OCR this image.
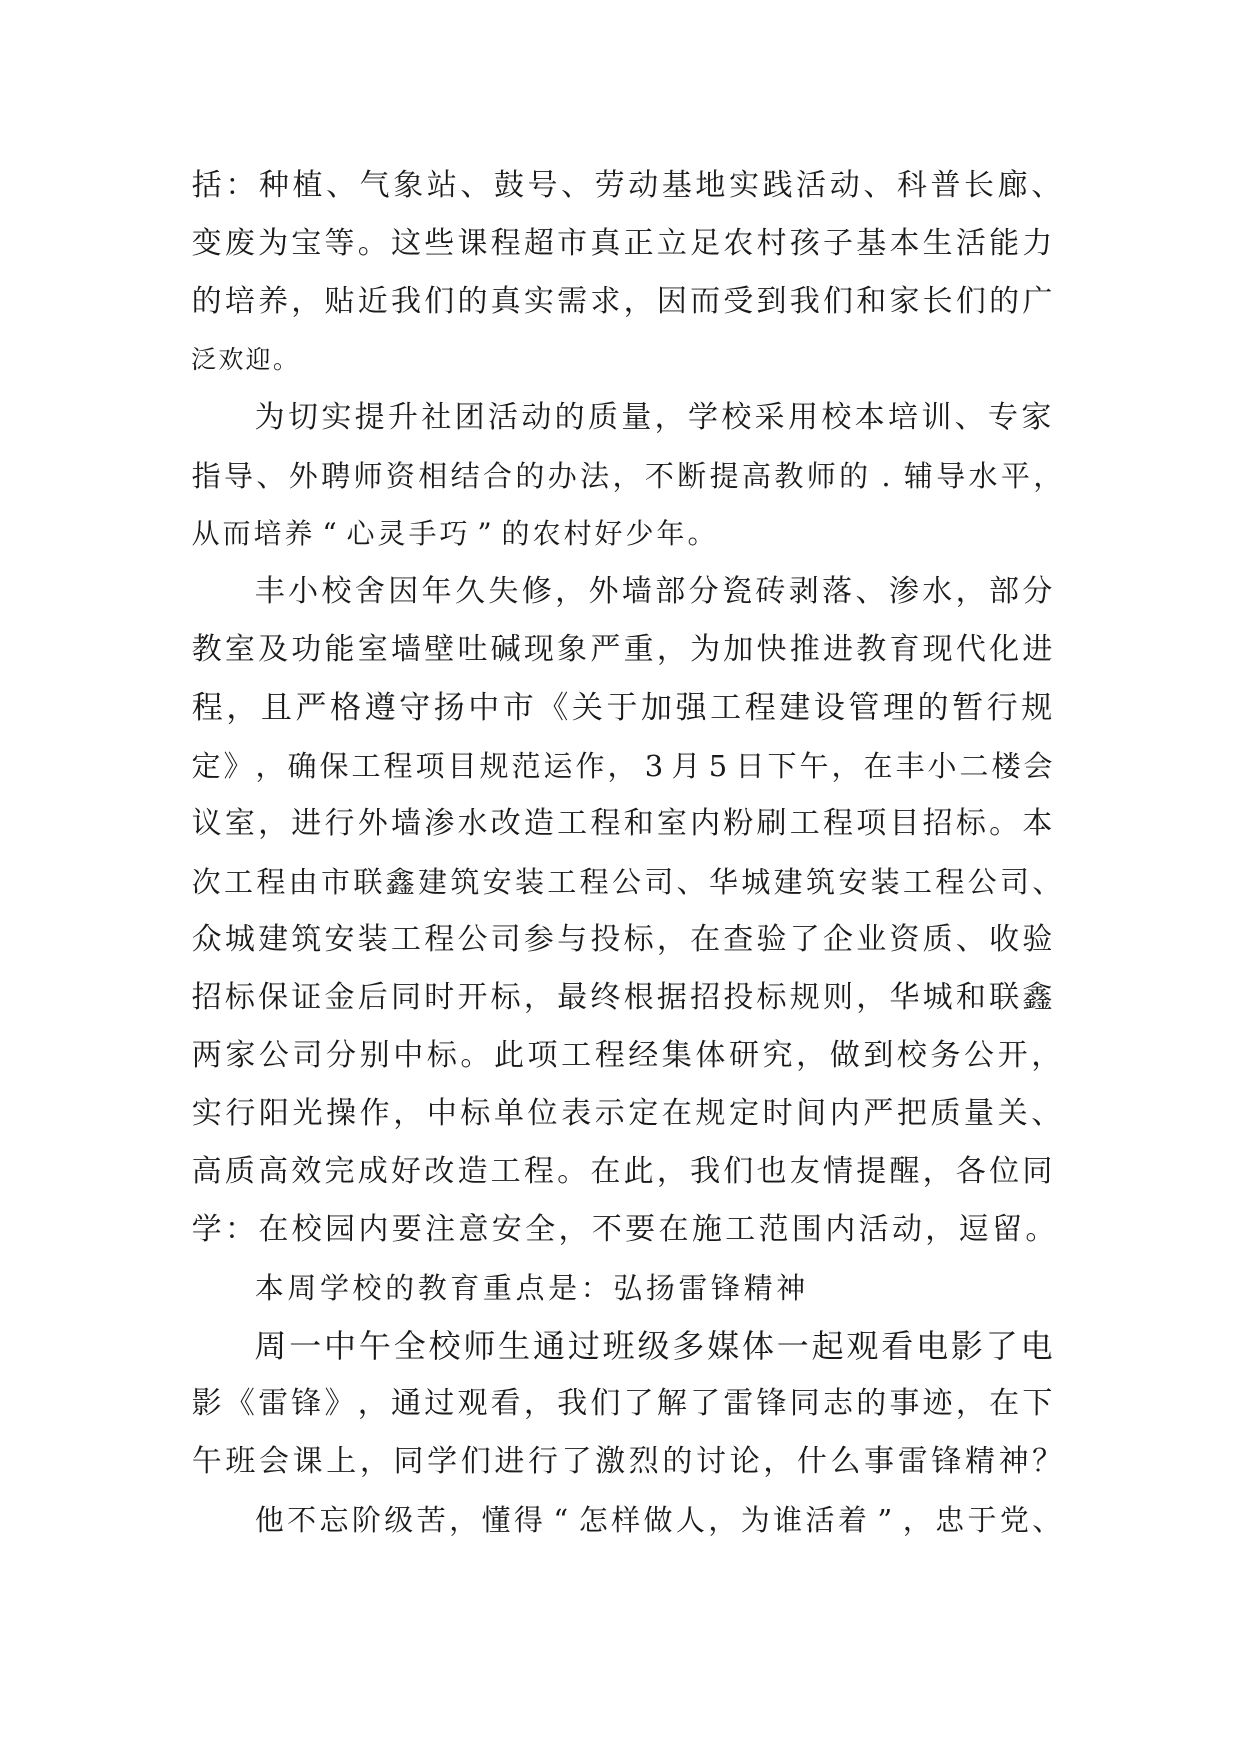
括 ： 种 植 、 气 象 站 、 鼓 号 、 劳 动 基 地 实 践 活 动 、 科 普 长 廊 、
变 废 为 宝 等 。 这 些 课 程 超 市 真 正 立 足 农 村 孩 子 基 本 生 活 能 力
的 培 养 ， 贴 近 我 们 的 真 实 需 求 ， 因 而 受 到 我 们 和 家 长 们 的 广
泛 欢 迎 。
为 切 实 提 升 社 团 活 动 的 质 量 ， 学 校 采 用 校 本 培 训 、 专 家
指 导 、 外 聘 师 资 相 结 合 的 办 法 ， 不 断 提 高 教 师 的 . 辅 导 水 平 ，
从 而 培 养 “ 心 灵 手 巧 ” 的 农 村 好 少 年 。
丰 小 校 舍 因 年 久 失 修 ， 外 墙 部 分 瓷 砖 剥 落 、 渗 水 ， 部 分
教 室 及 功 能 室 墙 壁 吐 碱 现 象 严 重 ， 为 加 快 推 进 教 育 现 代 化 进
程 ， 且 严 格 遵 守 扬 中 市 《 关 于 加 强 工 程 建 设 管 理 的 暂 行 规
定 》 ， 确 保 工 程 项 目 规 范 运 作 ， 3 月 5 日 下 午 ， 在 丰 小 二 楼 会
议 室 ， 进 行 外 墙 渗 水 改 造 工 程 和 室 内 粉 刷 工 程 项 目 招 标 。 本
次 工 程 由 市 联 鑫 建 筑 安 装 工 程 公 司 、 华 城 建 筑 安 装 工 程 公 司 、
众 城 建 筑 安 装 工 程 公 司 参 与 投 标 ， 在 查 验 了 企 业 资 质 、 收 验
招 标 保 证 金 后 同 时 开 标 ， 最 终 根 据 招 投 标 规 则 ， 华 城 和 联 鑫
两 家 公 司 分 别 中 标 。 此 项 工 程 经 集 体 研 究 ， 做 到 校 务 公 开 ，
实 行 阳 光 操 作 ， 中 标 单 位 表 示 定 在 规 定 时 间 内 严 把 质 量 关 、
高 质 高 效 完 成 好 改 造 工 程 。 在 此 ， 我 们 也 友 情 提 醒 ， 各 位 同
学 ： 在 校 园 内 要 注 意 安 全 ， 不 要 在 施 工 范 围 内 活 动 ， 逗 留 。
本 周 学 校 的 教 育 重 点 是 ： 弘 扬 雷 锋 精 神
周 一 中 午 全 校 师 生 通 过 班 级 多 媒 体 一 起 观 看 电 影 了 电
影 《 雷 锋 》 ， 通 过 观 看 ， 我 们 了 解 了 雷 锋 同 志 的 事 迹 ， 在 下
午 班 会 课 上 ， 同 学 们 进 行 了 激 烈 的 讨 论 ， 什 么 事 雷 锋 精 神 ？
他 不 忘 阶 级 苦 ， 懂 得 “ 怎 样 做 人 ， 为 谁 活 着 ” ， 忠 于 党 、
